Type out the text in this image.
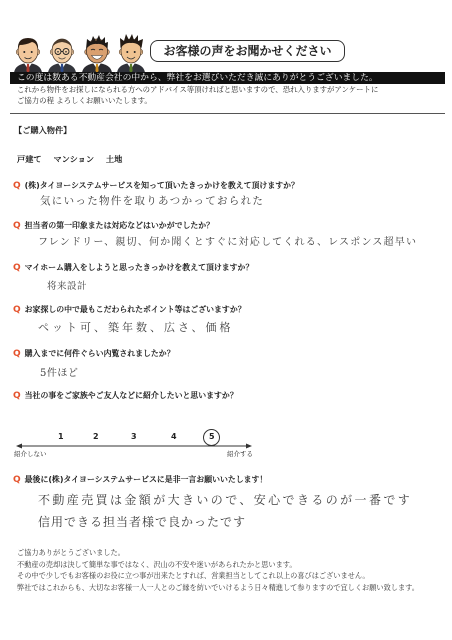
お客様の声をお聞かせください
この度は数ある不動産会社の中から、弊社をお選びいただき誠にありがとうございました。
これから物件をお探しになられる方へのアドバイス等頂ければと思いますので、恐れ入りますがアンケートに
ご協力の程 よろしくお願いいたします。
【ご購入物件】
戸建て マンション 土地
Q (株)タイヨーシステムサービスを知って頂いたきっかけを教えて頂けますか？
気にいった物件を取りあつかっておられた
Q 担当者の第一印象または対応などはいかがでしたか？
フレンドリー、親切、何か聞くとすぐに対応してくれる、レスポンス超早い
Q マイホーム購入をしようと思ったきっかけを教えて頂けますか？
将来設計
Q お家探しの中で最もこだわられたポイント等はございますか？
ペット可、築年数、広さ、価格
Q 購入までに何件ぐらい内覧されましたか？
5件ほど
Q 当社の事をご家族やご友人などに紹介したいと思いますか？
1	2	3	4	5
紹介しない	紹介する
Q 最後に(株)タイヨーシステムサービスに是非一言お願いいたします！
不動産売買は金額が大きいので、安心できるのが一番です
信用できる担当者様で良かったです
ご協力ありがとうございました。
不動産の売却は決して簡単な事ではなく、沢山の不安や迷いがあられたかと思います。
その中で少しでもお客様のお役に立つ事が出来たとすれば、営業担当としてこれ以上の喜びはございません。
弊社ではこれからも、大切なお客様一人一人とのご縁を紡いでいけるよう日々精進して参りますので宜しくお願い致します。
